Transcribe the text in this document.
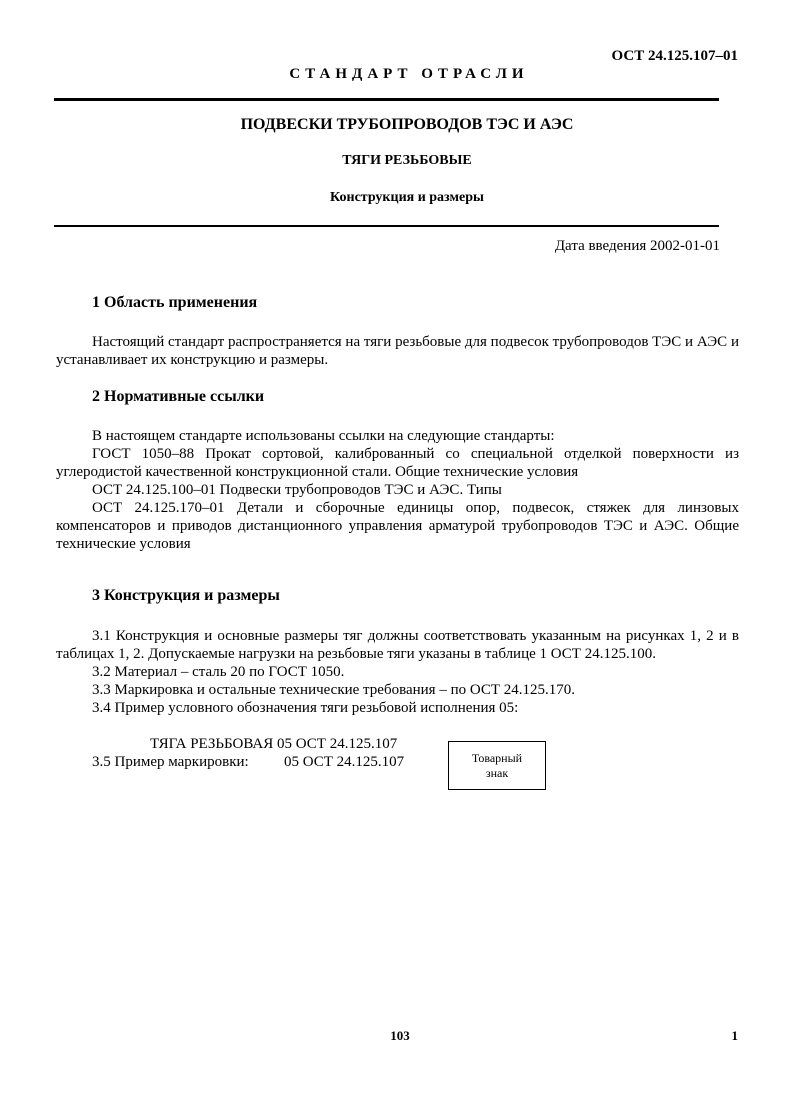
ОСТ 24.125.107–01
СТАНДАРТ ОТРАСЛИ
ПОДВЕСКИ ТРУБОПРОВОДОВ ТЭС И АЭС
ТЯГИ РЕЗЬБОВЫЕ
Конструкция и размеры
Дата введения 2002-01-01
1 Область применения

Настоящий стандарт распространяется на тяги резьбовые для подвесок трубопроводов ТЭС и АЭС и устанавливает их конструкцию и размеры.

2 Нормативные ссылки

В настоящем стандарте использованы ссылки на следующие стандарты:

ГОСТ 1050–88 Прокат сортовой, калиброванный со специальной отделкой поверхности из углеродистой качественной конструкционной стали. Общие технические условия

ОСТ 24.125.100–01 Подвески трубопроводов ТЭС и АЭС. Типы

ОСТ 24.125.170–01 Детали и сборочные единицы опор, подвесок, стяжек для линзовых компенсаторов и приводов дистанционного управления арматурой трубопроводов ТЭС и АЭС. Общие технические условия

3 Конструкция и размеры

3.1 Конструкция и основные размеры тяг должны соответствовать указанным на рисунках 1, 2 и в таблицах 1, 2. Допускаемые нагрузки на резьбовые тяги указаны в таблице 1 ОСТ 24.125.100.

3.2 Материал – сталь 20 по ГОСТ 1050.

3.3 Маркировка и остальные технические требования – по ОСТ 24.125.170.

3.4 Пример условного обозначения тяги резьбовой исполнения 05:

ТЯГА РЕЗЬБОВАЯ 05 ОСТ 24.125.107
3.5 Пример маркировки: 05 ОСТ 24.125.107	Товарный
знак
103	1
